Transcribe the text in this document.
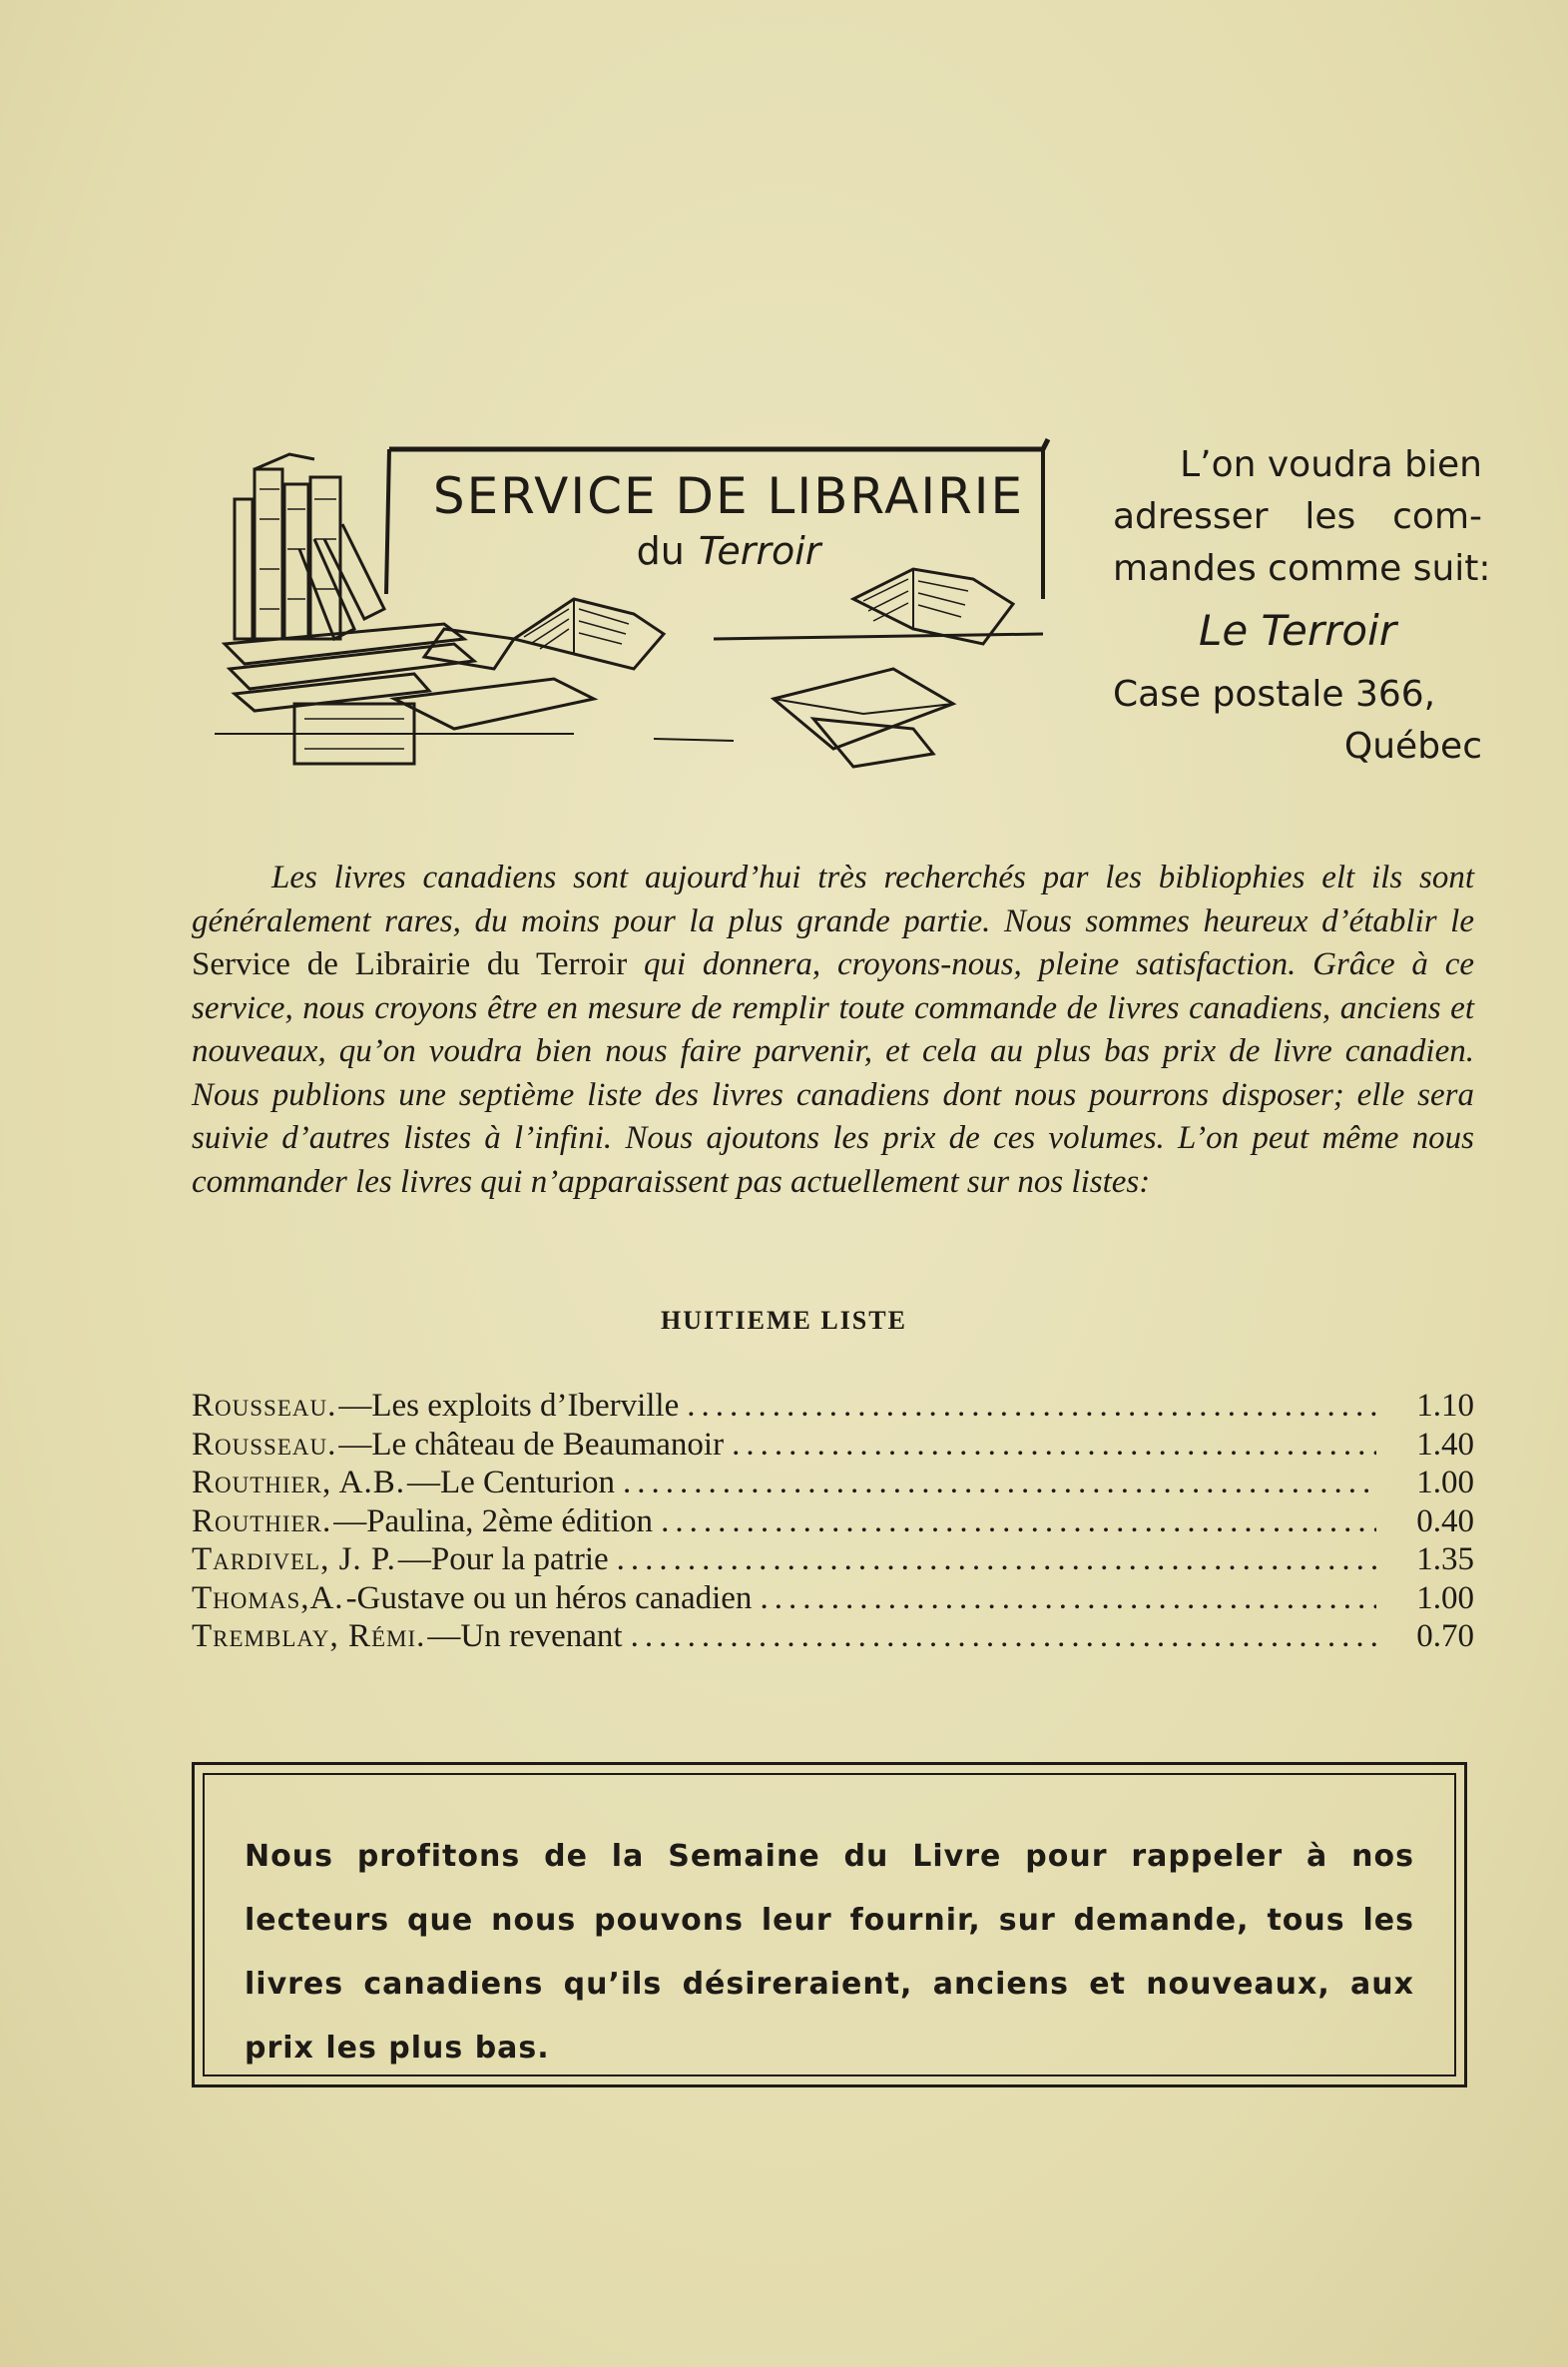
SERVICE DE LIBRAIRIE
du Terroir
L’on voudra bien
adresser les com-
mandes comme suit:
Le Terroir
Case postale 366,
Québec
Les livres canadiens sont aujourd’hui très recherchés par les bibliophies elt ils sont généralement rares, du moins pour la plus grande partie. Nous sommes heureux d’établir le Service de Librairie du Terroir qui donnera, croyons-nous, pleine satisfaction. Grâce à ce service, nous croyons être en mesure de remplir toute commande de livres canadiens, anciens et nouveaux, qu’on voudra bien nous faire parvenir, et cela au plus bas prix de livre canadien. Nous publions une septième liste des livres canadiens dont nous pourrons disposer; elle sera suivie d’autres listes à l’infini. Nous ajoutons les prix de ces volumes. L’on peut même nous commander les livres qui n’apparaissent pas actuellement sur nos listes:
HUITIEME LISTE
Rousseau. —Les exploits d’Iberville .....	1.10
Rousseau. —Le château de Beaumanoir .....	1.40
Routhier, A.B. —Le Centurion .....	1.00
Routhier. —Paulina, 2ème édition .....	0.40
Tardivel, J. P. —Pour la patrie .....	1.35
Thomas,A. -Gustave ou un héros canadien .....	1.00
Tremblay, Rémi. —Un revenant .....	0.70
Nous profitons de la Semaine du Livre pour rappeler à nos lecteurs que nous pouvons leur fournir, sur demande, tous les livres canadiens qu’ils désireraient, anciens et nouveaux, aux prix les plus bas.
